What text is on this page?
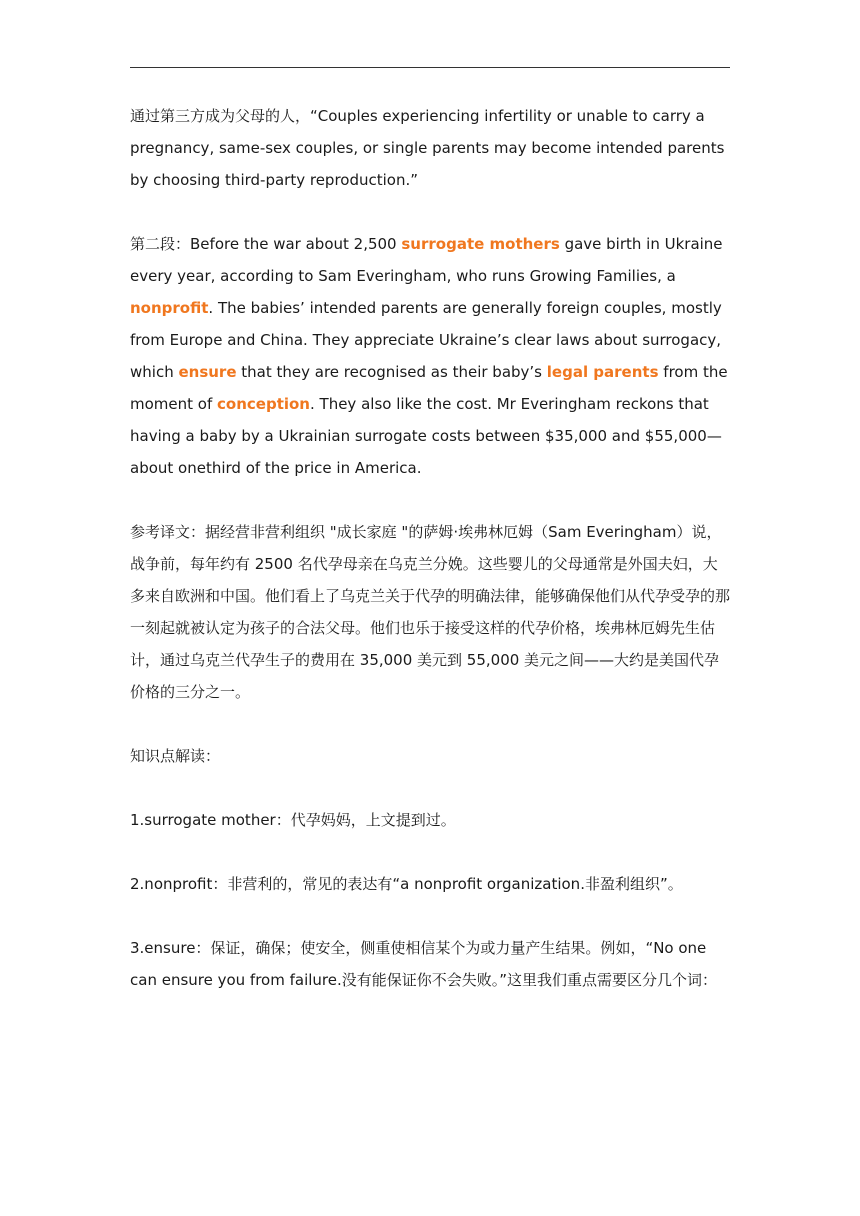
通过第三方成为父母的人，“Couples experiencing infertility or unable to carry a pregnancy, same-sex couples, or single parents may become intended parents by choosing third-party reproduction.”

第二段：Before the war about 2,500 surrogate mothers gave birth in Ukraine every year, according to Sam Everingham, who runs Growing Families, a nonprofit. The babies’ intended parents are generally foreign couples, mostly from Europe and China. They appreciate Ukraine’s clear laws about surrogacy, which ensure that they are recognised as their baby’s legal parents from the moment of conception. They also like the cost. Mr Everingham reckons that having a baby by a Ukrainian surrogate costs between $35,000 and $55,000— about onethird of the price in America.

参考译文：据经营非营利组织 "成长家庭 "的萨姆·埃弗林厄姆（Sam Everingham）说，战争前，每年约有 2500 名代孕母亲在乌克兰分娩。这些婴儿的父母通常是外国夫妇，大多来自欧洲和中国。他们看上了乌克兰关于代孕的明确法律，能够确保他们从代孕受孕的那一刻起就被认定为孩子的合法父母。他们也乐于接受这样的代孕价格，埃弗林厄姆先生估计，通过乌克兰代孕生子的费用在 35,000 美元到 55,000 美元之间——大约是美国代孕价格的三分之一。

知识点解读：

1.surrogate mother：代孕妈妈，上文提到过。

2.nonprofit：非营利的，常见的表达有“a nonprofit organization.非盈利组织”。

3.ensure：保证，确保；使安全，侧重使相信某个为或力量产生结果。例如，“No one can ensure you from failure.没有能保证你不会失败。”这里我们重点需要区分几个词：
